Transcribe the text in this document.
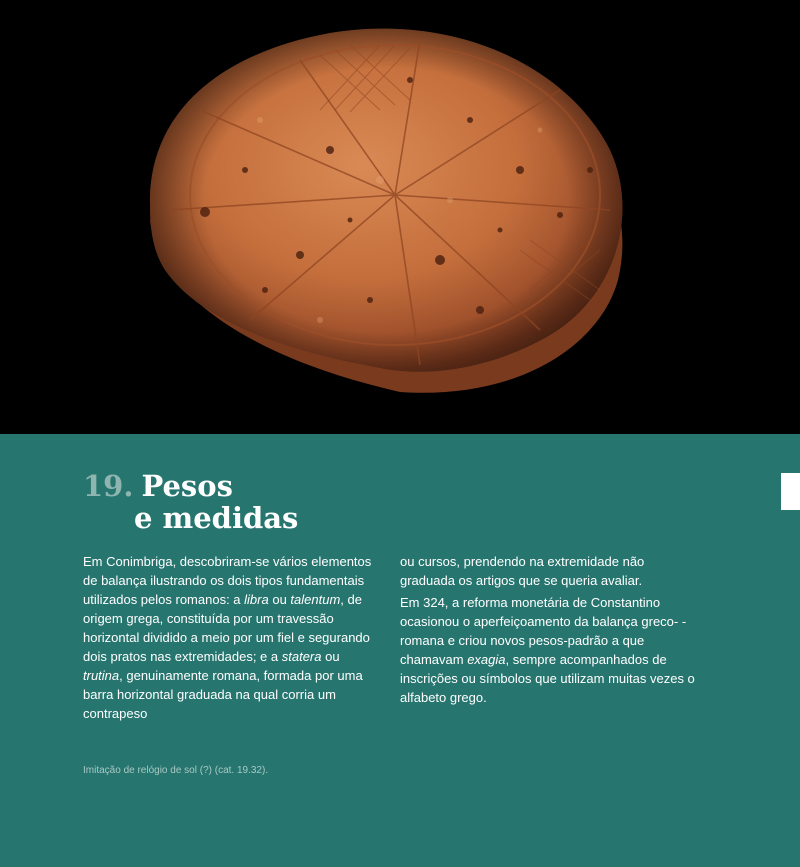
19. Pesos
e medidas

Em Conimbriga, descobriram-se vários elementos de balança ilustrando os dois tipos fundamentais utilizados pelos romanos: a libra ou talentum, de origem grega, constituída por um travessão horizontal dividido a meio por um fiel e segurando dois pratos nas extremidades; e a statera ou trutina, genuinamente romana, formada por uma barra horizontal graduada na qual corria um contrapeso

ou cursos, prendendo na extremidade não graduada os artigos que se queria avaliar.

Em 324, a reforma monetária de Constantino ocasionou o aperfeiçoamento da balança greco- -romana e criou novos pesos-padrão a que chamavam exagia, sempre acompanhados de inscrições ou símbolos que utilizam muitas vezes o alfabeto grego.

Imitação de relógio de sol (?) (cat. 19.32).
